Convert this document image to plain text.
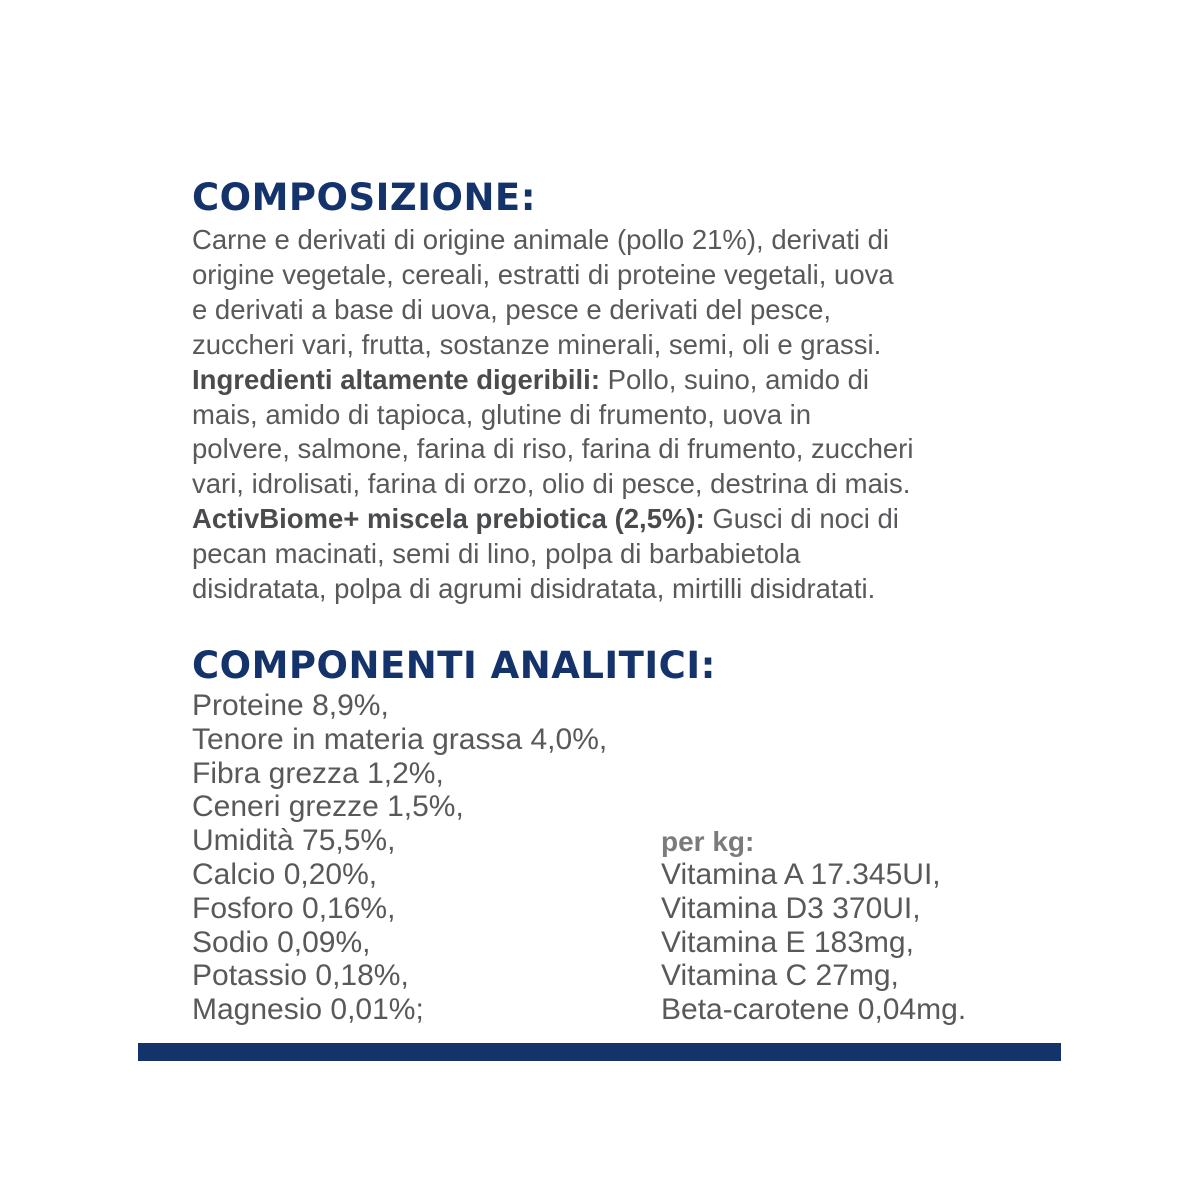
COMPOSIZIONE:
Carne e derivati di origine animale (pollo 21%), derivati di
origine vegetale, cereali, estratti di proteine vegetali, uova
e derivati a base di uova, pesce e derivati del pesce,
zuccheri vari, frutta, sostanze minerali, semi, oli e grassi.
Ingredienti altamente digeribili: Pollo, suino, amido di
mais, amido di tapioca, glutine di frumento, uova in
polvere, salmone, farina di riso, farina di frumento, zuccheri
vari, idrolisati, farina di orzo, olio di pesce, destrina di mais.
ActivBiome+ miscela prebiotica (2,5%): Gusci di noci di
pecan macinati, semi di lino, polpa di barbabietola
disidratata, polpa di agrumi disidratata, mirtilli disidratati.
COMPONENTI ANALITICI:
Proteine 8,9%,
Tenore in materia grassa 4,0%,
Fibra grezza 1,2%,
Ceneri grezze 1,5%,
Umidità 75,5%,
Calcio 0,20%,
Fosforo 0,16%,
Sodio 0,09%,
Potassio 0,18%,
Magnesio 0,01%;
per kg:
Vitamina A 17.345UI,
Vitamina D3 370UI,
Vitamina E 183mg,
Vitamina C 27mg,
Beta-carotene 0,04mg.
